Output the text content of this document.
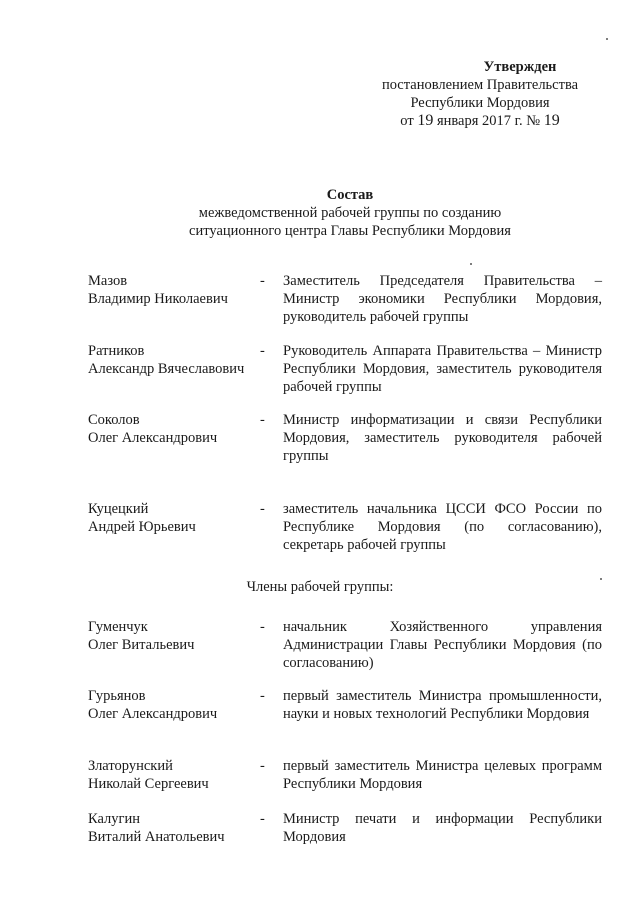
Утвержден
постановлением Правительства
Республики Мордовия
от 19 января 2017 г. № 19
Состав
межведомственной рабочей группы по созданию
ситуационного центра Главы Республики Мордовия
Мазов
Владимир Николаевич
- Заместитель Председателя Правительства – Министр экономики Республики Мордовия, руководитель рабочей группы
Ратников
Александр Вячеславович
- Руководитель Аппарата Правительства – Министр Республики Мордовия, заместитель руководителя рабочей группы
Соколов
Олег Александрович
- Министр информатизации и связи Республики Мордовия, заместитель руководителя рабочей группы
Куцецкий
Андрей Юрьевич
- заместитель начальника ЦССИ ФСО России по Республике Мордовия (по согласованию), секретарь рабочей группы
Члены рабочей группы:
Гуменчук
Олег Витальевич
- начальник Хозяйственного управления Администрации Главы Республики Мордовия (по согласованию)
Гурьянов
Олег Александрович
- первый заместитель Министра промышленности, науки и новых технологий Республики Мордовия
Златорунский
Николай Сергеевич
- первый заместитель Министра целевых программ Республики Мордовия
Калугин
Виталий Анатольевич
- Министр печати и информации Республики Мордовия
